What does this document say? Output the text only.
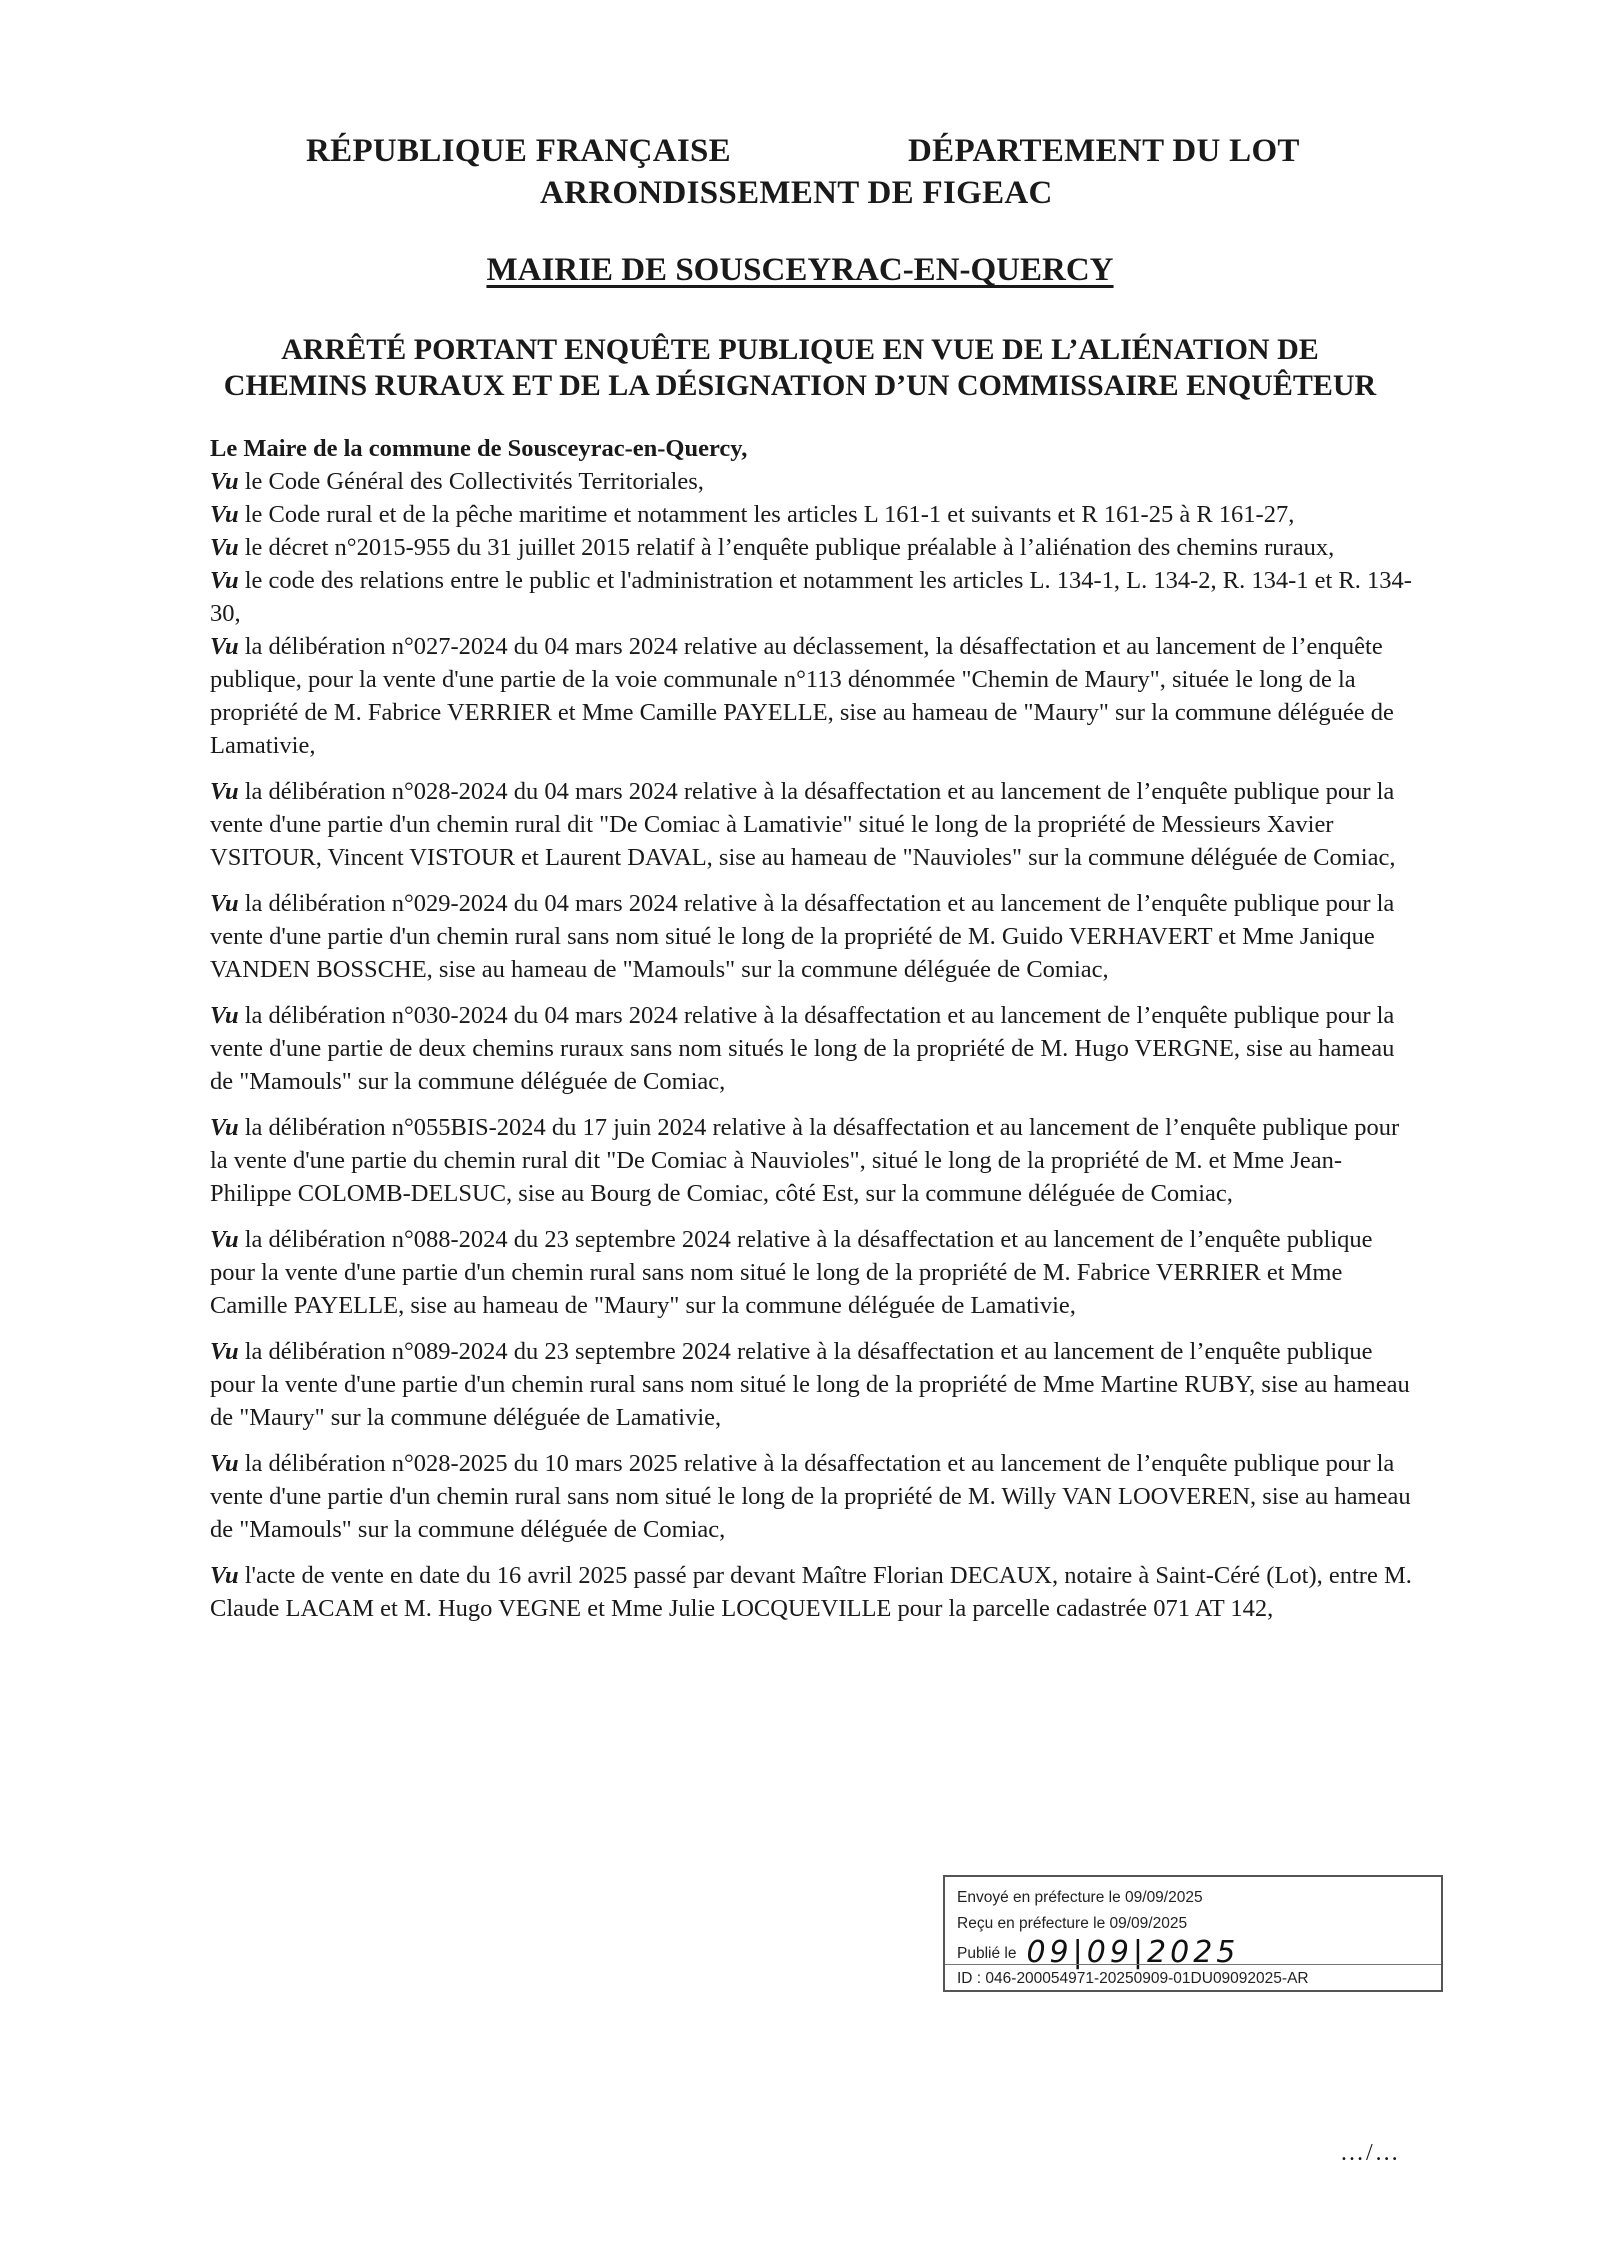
RÉPUBLIQUE FRANÇAISE	DÉPARTEMENT DU LOT
ARRONDISSEMENT DE FIGEAC
MAIRIE DE SOUSCEYRAC-EN-QUERCY
ARRÊTÉ PORTANT ENQUÊTE PUBLIQUE EN VUE DE L’ALIÉNATION DE
CHEMINS RURAUX ET DE LA DÉSIGNATION D’UN COMMISSAIRE ENQUÊTEUR

Le Maire de la commune de Sousceyrac-en-Quercy,

Vu le Code Général des Collectivités Territoriales,

Vu le Code rural et de la pêche maritime et notamment les articles L 161-1 et suivants et R 161-25 à R 161-27,

Vu le décret n°2015-955 du 31 juillet 2015 relatif à l’enquête publique préalable à l’aliénation des chemins ruraux,

Vu le code des relations entre le public et l'administration et notamment les articles L. 134-1, L. 134-2, R. 134-1 et R. 134-30,

Vu la délibération n°027-2024 du 04 mars 2024 relative au déclassement, la désaffectation et au lancement de l’enquête publique, pour la vente d'une partie de la voie communale n°113 dénommée "Chemin de Maury", située le long de la propriété de M. Fabrice VERRIER et Mme Camille PAYELLE, sise au hameau de "Maury" sur la commune déléguée de Lamativie,

Vu la délibération n°028-2024 du 04 mars 2024 relative à la désaffectation et au lancement de l’enquête publique pour la vente d'une partie d'un chemin rural dit "De Comiac à Lamativie" situé le long de la propriété de Messieurs Xavier VSITOUR, Vincent VISTOUR et Laurent DAVAL, sise au hameau de "Nauvioles" sur la commune déléguée de Comiac,

Vu la délibération n°029-2024 du 04 mars 2024 relative à la désaffectation et au lancement de l’enquête publique pour la vente d'une partie d'un chemin rural sans nom situé le long de la propriété de M. Guido VERHAVERT et Mme Janique VANDEN BOSSCHE, sise au hameau de "Mamouls" sur la commune déléguée de Comiac,

Vu la délibération n°030-2024 du 04 mars 2024 relative à la désaffectation et au lancement de l’enquête publique pour la vente d'une partie de deux chemins ruraux sans nom situés le long de la propriété de M. Hugo VERGNE, sise au hameau de "Mamouls" sur la commune déléguée de Comiac,

Vu la délibération n°055BIS-2024 du 17 juin 2024 relative à la désaffectation et au lancement de l’enquête publique pour la vente d'une partie du chemin rural dit "De Comiac à Nauvioles", situé le long de la propriété de M. et Mme Jean-Philippe COLOMB-DELSUC, sise au Bourg de Comiac, côté Est, sur la commune déléguée de Comiac,

Vu la délibération n°088-2024 du 23 septembre 2024 relative à la désaffectation et au lancement de l’enquête publique pour la vente d'une partie d'un chemin rural sans nom situé le long de la propriété de M. Fabrice VERRIER et Mme Camille PAYELLE, sise au hameau de "Maury" sur la commune déléguée de Lamativie,

Vu la délibération n°089-2024 du 23 septembre 2024 relative à la désaffectation et au lancement de l’enquête publique pour la vente d'une partie d'un chemin rural sans nom situé le long de la propriété de Mme Martine RUBY, sise au hameau de "Maury" sur la commune déléguée de Lamativie,

Vu la délibération n°028-2025 du 10 mars 2025 relative à la désaffectation et au lancement de l’enquête publique pour la vente d'une partie d'un chemin rural sans nom situé le long de la propriété de M. Willy VAN LOOVEREN, sise au hameau de "Mamouls" sur la commune déléguée de Comiac,

Vu l'acte de vente en date du 16 avril 2025 passé par devant Maître Florian DECAUX, notaire à Saint-Céré (Lot), entre M. Claude LACAM et M. Hugo VEGNE et Mme Julie LOCQUEVILLE pour la parcelle cadastrée 071 AT 142,

Envoyé en préfecture le 09/09/2025
Reçu en préfecture le 09/09/2025
Publié le 09|09|2025
ID : 046-200054971-20250909-01DU09092025-AR
…/…
